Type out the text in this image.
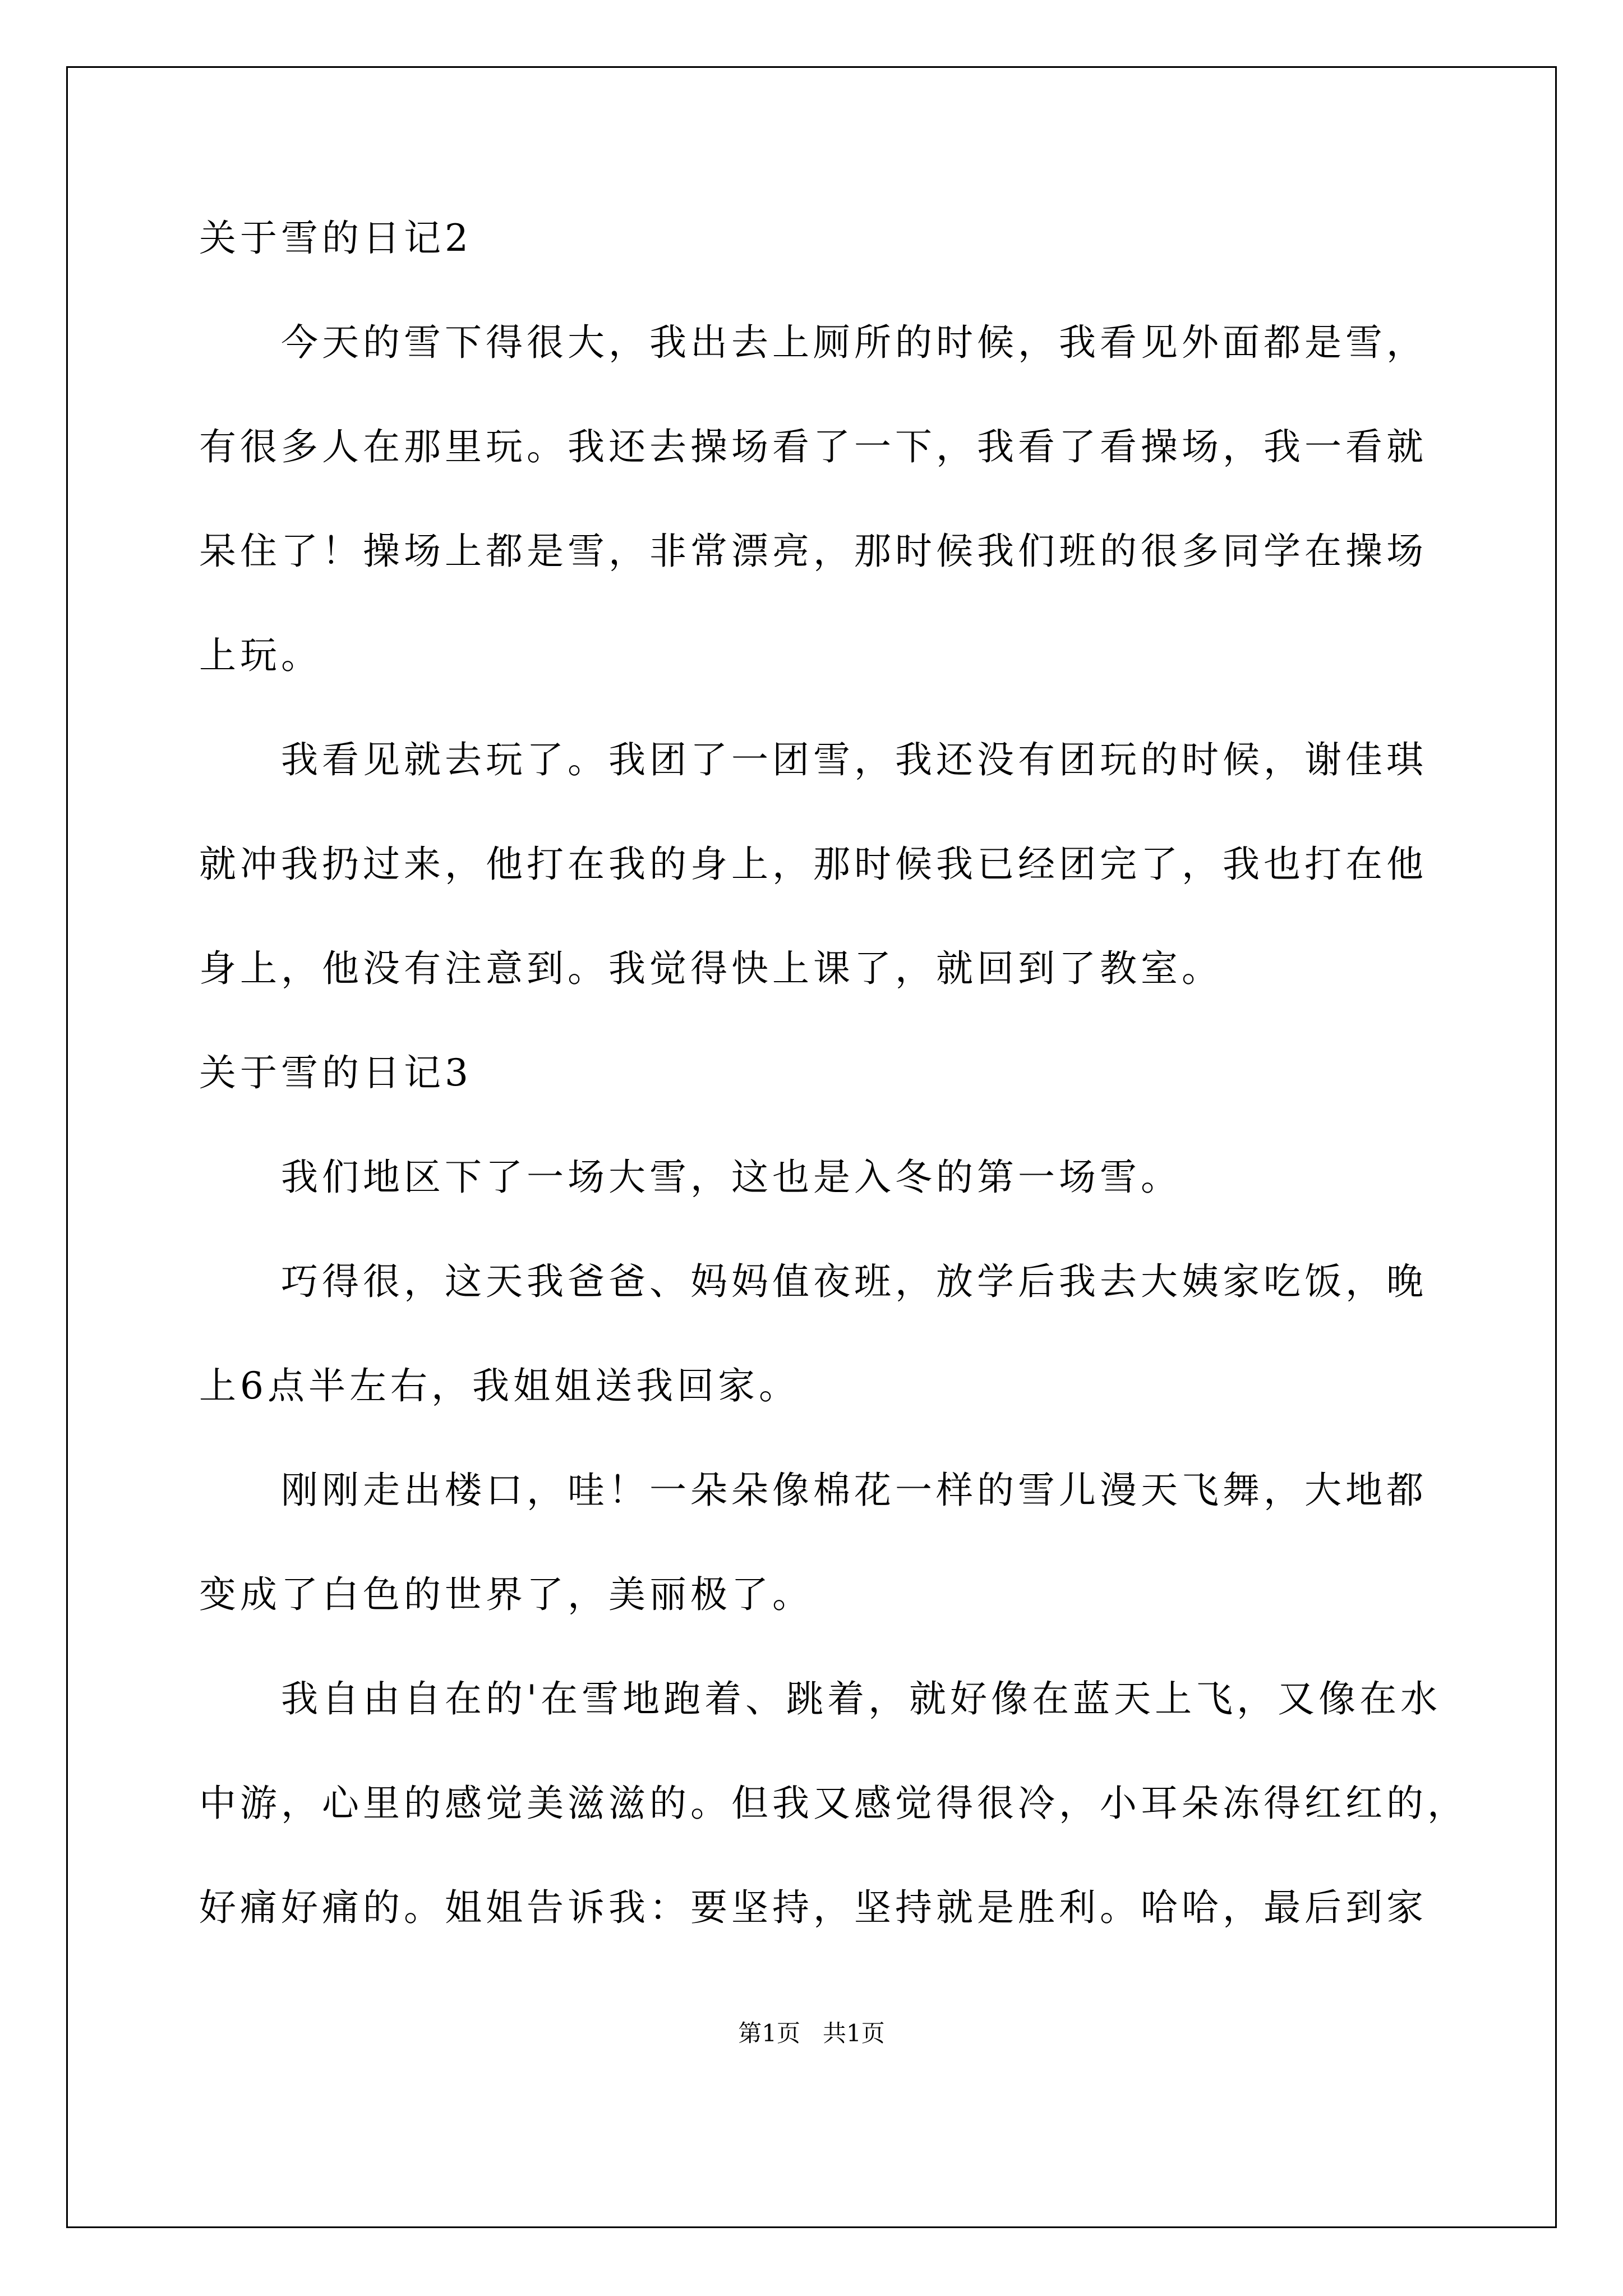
关于雪的日记2
今天的雪下得很大，我出去上厕所的时候，我看见外面都是雪，
有很多人在那里玩。我还去操场看了一下，我看了看操场，我一看就
呆住了！操场上都是雪，非常漂亮，那时候我们班的很多同学在操场
上玩。
我看见就去玩了。我团了一团雪，我还没有团玩的时候，谢佳琪
就冲我扔过来，他打在我的身上，那时候我已经团完了，我也打在他
身上，他没有注意到。我觉得快上课了，就回到了教室。
关于雪的日记3
我们地区下了一场大雪，这也是入冬的第一场雪。
巧得很，这天我爸爸、妈妈值夜班，放学后我去大姨家吃饭，晚
上6点半左右，我姐姐送我回家。
刚刚走出楼口，哇！一朵朵像棉花一样的雪儿漫天飞舞，大地都
变成了白色的世界了，美丽极了。
我自由自在的'在雪地跑着、跳着，就好像在蓝天上飞，又像在水
中游，心里的感觉美滋滋的。但我又感觉得很冷，小耳朵冻得红红的，
好痛好痛的。姐姐告诉我：要坚持，坚持就是胜利。哈哈，最后到家
第1页 共1页
